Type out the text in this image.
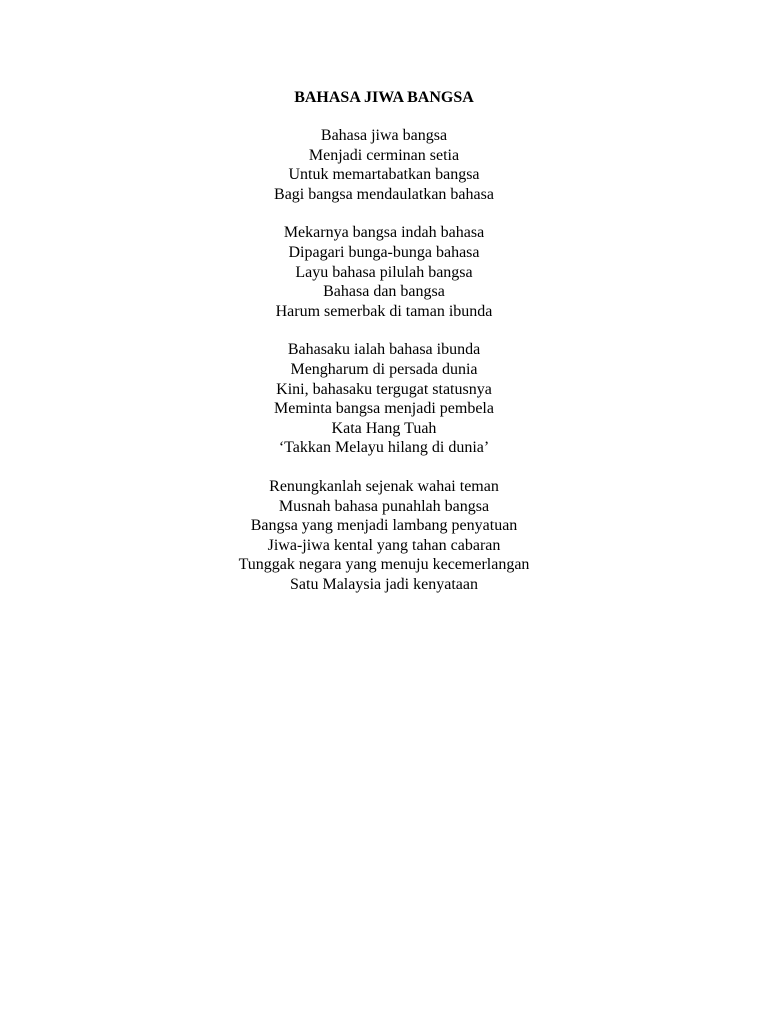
BAHASA JIWA BANGSA
Bahasa jiwa bangsa
Menjadi cerminan setia
Untuk memartabatkan bangsa
Bagi bangsa mendaulatkan bahasa
Mekarnya bangsa indah bahasa
Dipagari bunga-bunga bahasa
Layu bahasa pilulah bangsa
Bahasa dan bangsa
Harum semerbak di taman ibunda
Bahasaku ialah bahasa ibunda
Mengharum di persada dunia
Kini, bahasaku tergugat statusnya
Meminta bangsa menjadi pembela
Kata Hang Tuah
‘Takkan Melayu hilang di dunia’
Renungkanlah sejenak wahai teman
Musnah bahasa punahlah bangsa
Bangsa yang menjadi lambang penyatuan
Jiwa-jiwa kental yang tahan cabaran
Tunggak negara yang menuju kecemerlangan
Satu Malaysia jadi kenyataan
